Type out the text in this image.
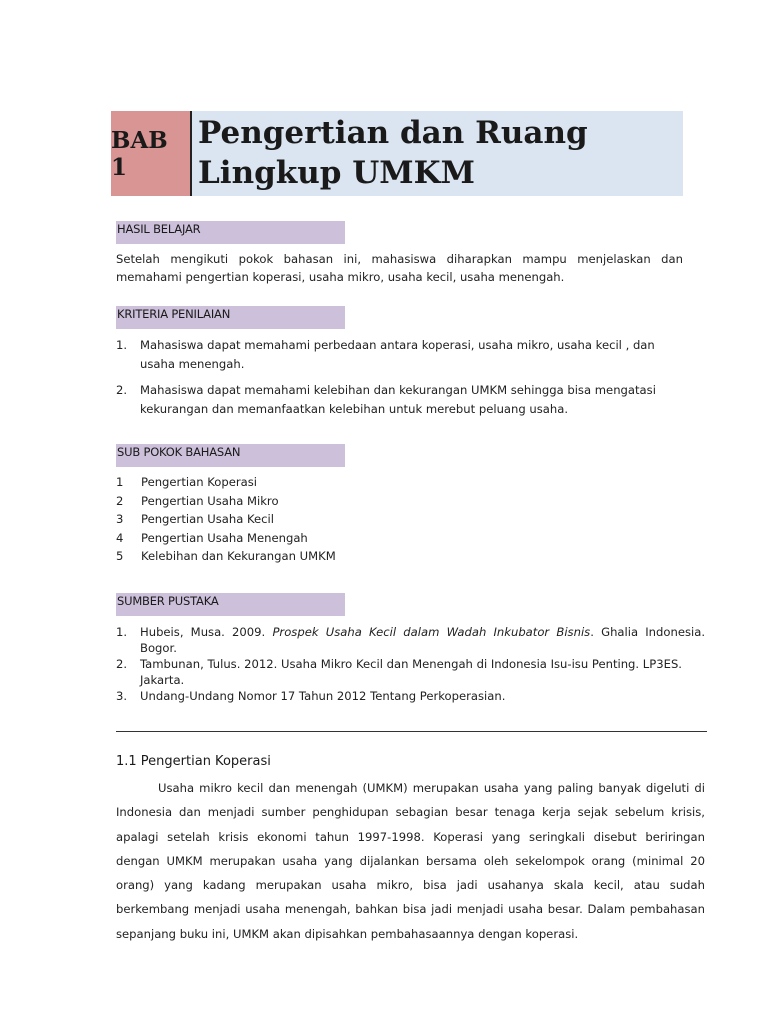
BAB 1
Pengertian dan Ruang
Lingkup UMKM
HASIL BELAJAR
Setelah mengikuti pokok bahasan ini, mahasiswa diharapkan mampu menjelaskan dan
memahami pengertian koperasi, usaha mikro, usaha kecil, usaha menengah.
KRITERIA PENILAIAN
1. Mahasiswa dapat memahami perbedaan antara koperasi, usaha mikro, usaha kecil , dan usaha menengah.
2. Mahasiswa dapat memahami kelebihan dan kekurangan UMKM sehingga bisa mengatasi kekurangan dan memanfaatkan kelebihan untuk merebut peluang usaha.
SUB POKOK BAHASAN
1 Pengertian Koperasi
2 Pengertian Usaha Mikro
3 Pengertian Usaha Kecil
4 Pengertian Usaha Menengah
5 Kelebihan dan Kekurangan UMKM
SUMBER PUSTAKA
1. Hubeis, Musa. 2009. Prospek Usaha Kecil dalam Wadah Inkubator Bisnis. Ghalia Indonesia. Bogor.
2. Tambunan, Tulus. 2012. Usaha Mikro Kecil dan Menengah di Indonesia Isu-isu Penting. LP3ES. Jakarta.
3. Undang-Undang Nomor 17 Tahun 2012 Tentang Perkoperasian.
1.1 Pengertian Koperasi
Usaha mikro kecil dan menengah (UMKM) merupakan usaha yang paling banyak digeluti di
Indonesia dan menjadi sumber penghidupan sebagian besar tenaga kerja sejak sebelum krisis,
apalagi setelah krisis ekonomi tahun 1997-1998. Koperasi yang seringkali disebut beriringan
dengan UMKM merupakan usaha yang dijalankan bersama oleh sekelompok orang (minimal 20
orang) yang kadang merupakan usaha mikro, bisa jadi usahanya skala kecil, atau sudah
berkembang menjadi usaha menengah, bahkan bisa jadi menjadi usaha besar. Dalam pembahasan
sepanjang buku ini, UMKM akan dipisahkan pembahasaannya dengan koperasi.
